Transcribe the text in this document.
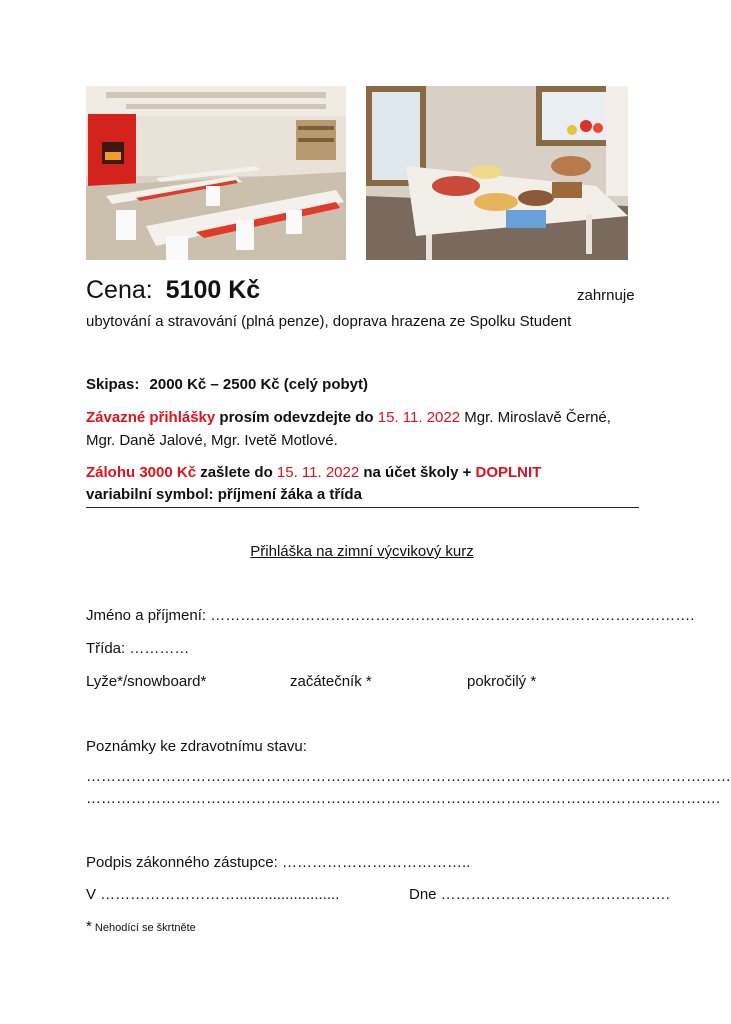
Cena: 5100 Kč	zahrnuje
ubytování a stravování (plná penze), doprava hrazena ze Spolku Student
Skipas: 2000 Kč – 2500 Kč (celý pobyt)
Závazné přihlášky prosím odevzdejte do 15. 11. 2022 Mgr. Miroslavě Černé,
Mgr. Daně Jalové, Mgr. Ivetě Motlové.
Zálohu 3000 Kč zašlete do 15. 11. 2022 na účet školy + DOPLNIT
variabilní symbol: příjmení žáka a třída
Přihláška na zimní výcvikový kurz
Jméno a příjmení: …………………………………………………………………………………….
Třída: …………
Lyže*/snowboard*	začátečník *	pokročilý *
Poznámky ke zdravotnímu stavu:
…………………………………………………………………………………………………………………
……………………………………………………………………………………………………………….
Podpis zákonného zástupce: ………………………………..
V ……………………….........................	Dne ……………………………………….
* Nehodící se škrtněte
